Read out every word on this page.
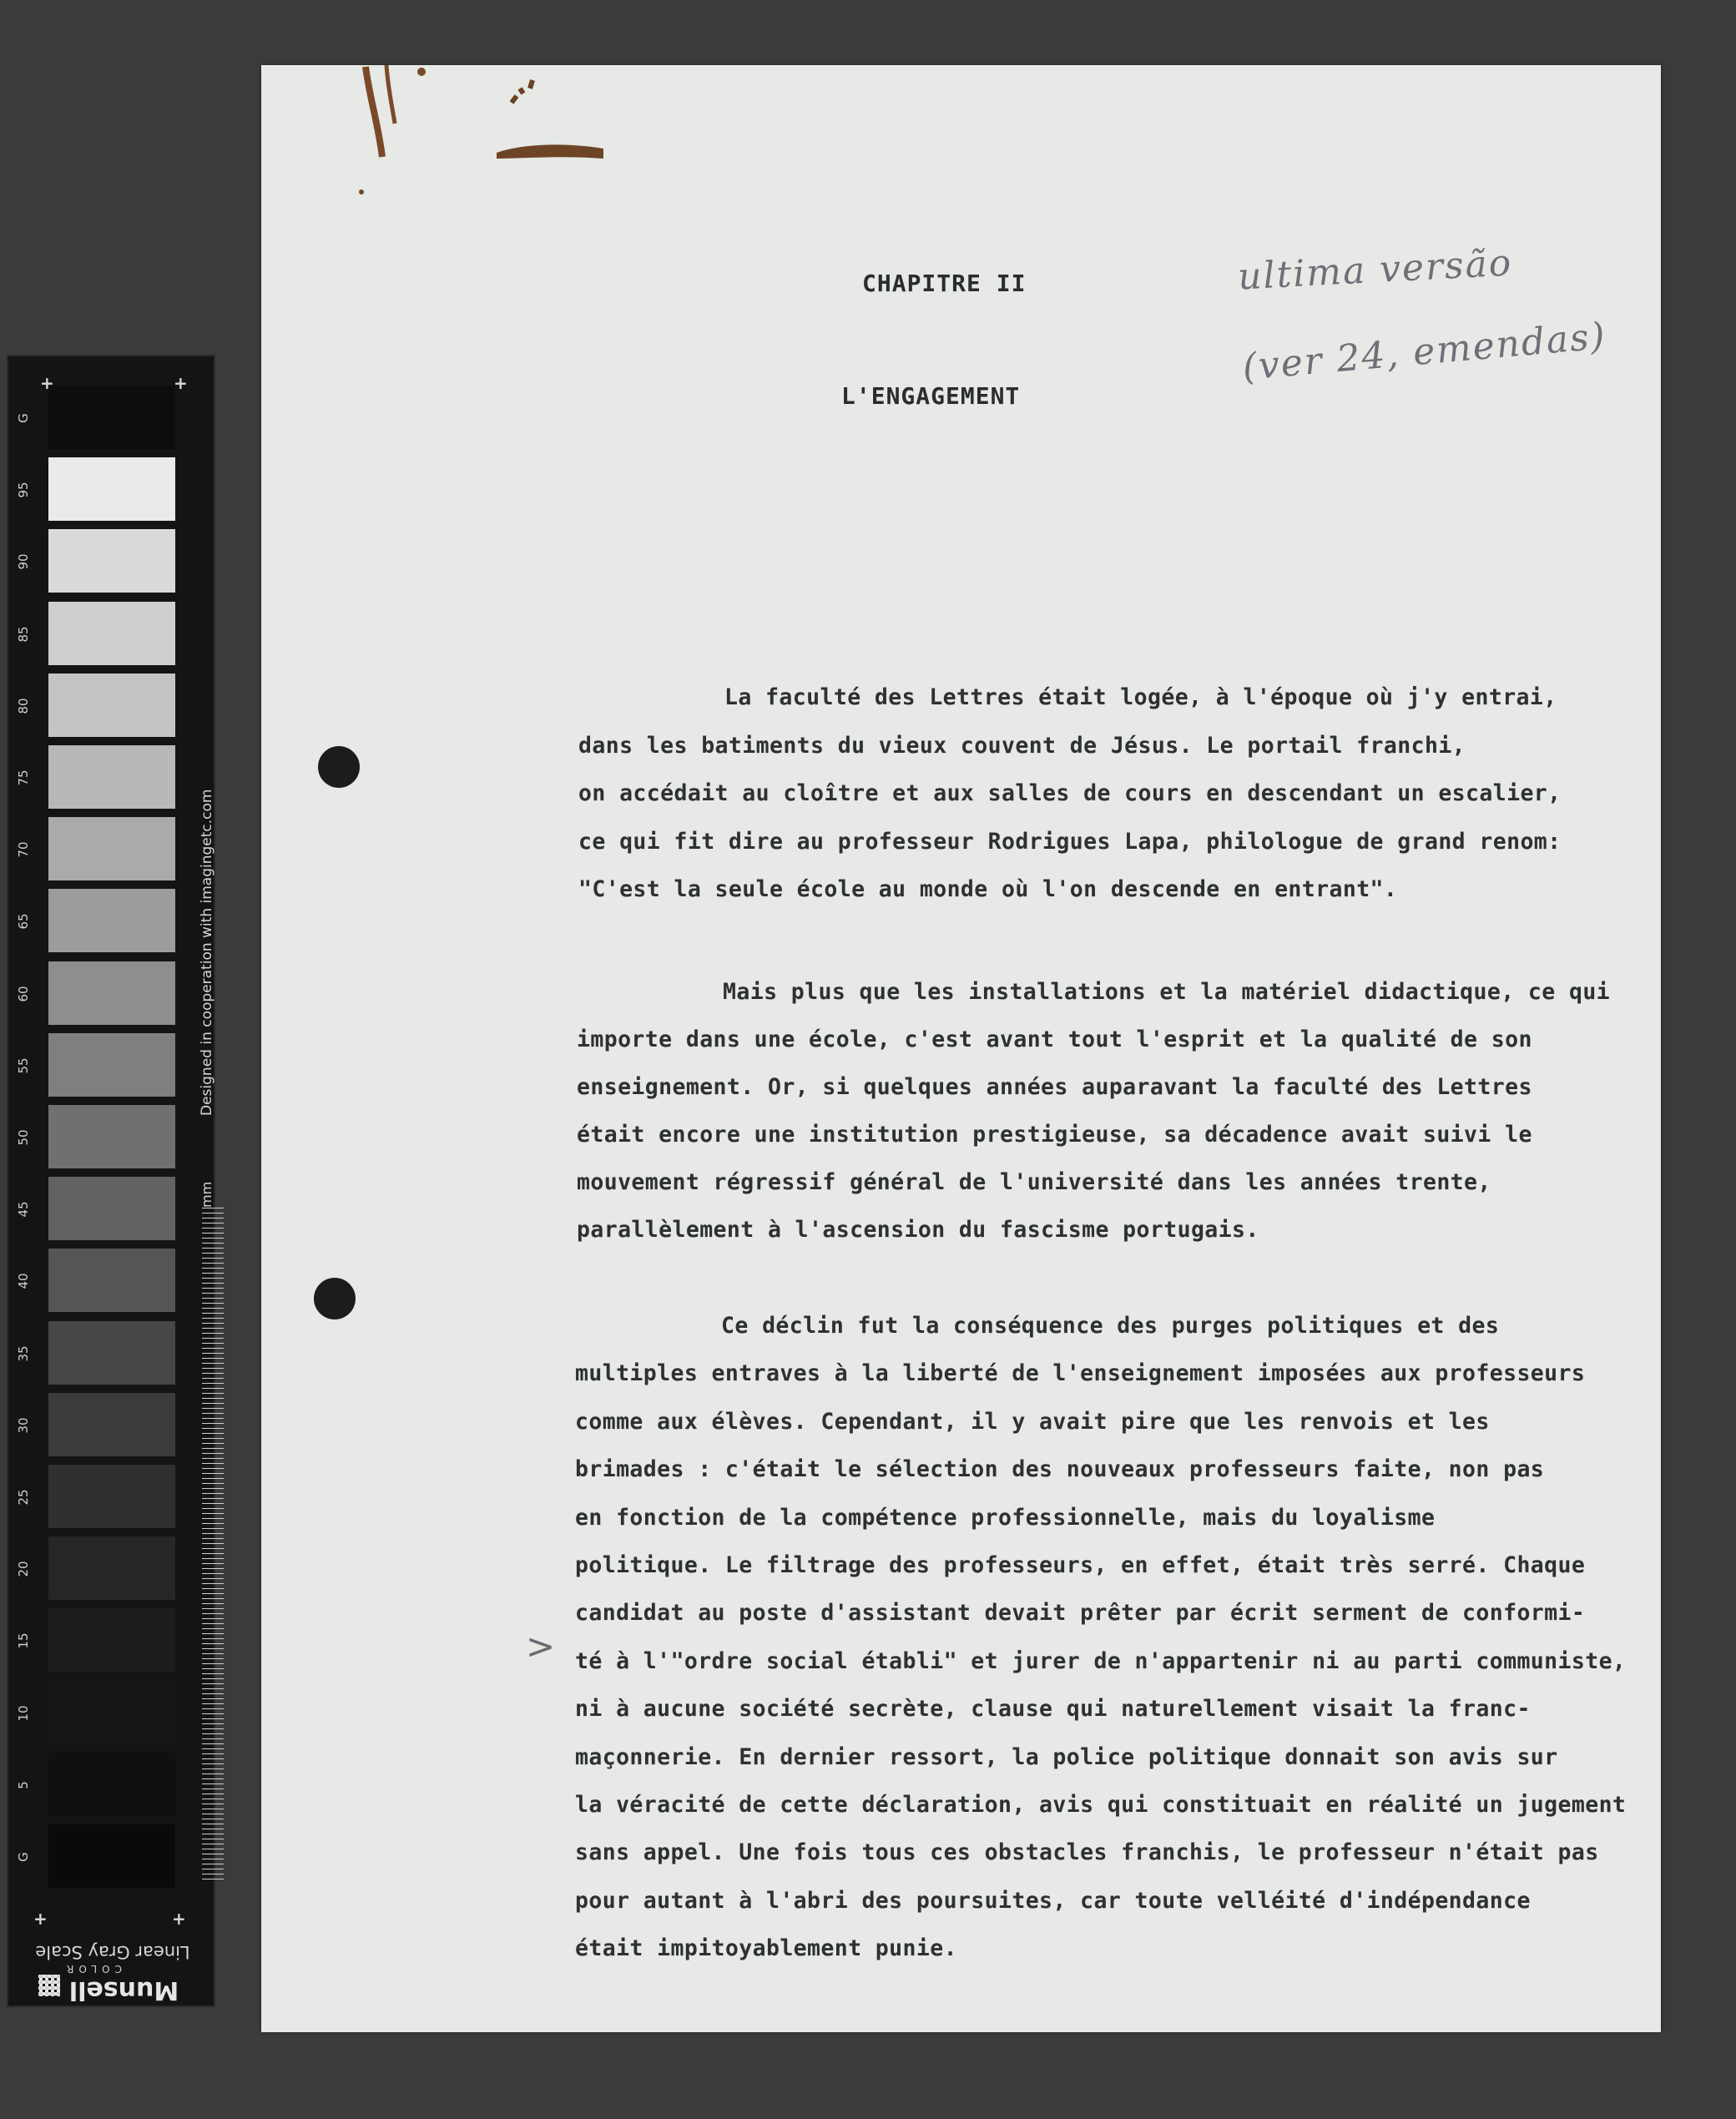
G
95
90
85
80
75
70
65
60
55
50
45
40
35
30
25
20
15
10
5
G
Designed in cooperation with imagingetc.com
mm
+	+
+	+
Linear Gray Scale
Munsell
COLOR
CHAPITRE II
L'ENGAGEMENT
ultima versão
(ver 24, emendas)
>
La faculté des Lettres était logée, à l'époque où j'y entrai,
dans les batiments du vieux couvent de Jésus. Le portail franchi,
on accédait au cloître et aux salles de cours en descendant un escalier,
ce qui fit dire au professeur Rodrigues Lapa, philologue de grand renom:
"C'est la seule école au monde où l'on descende en entrant".
Mais plus que les installations et la matériel didactique, ce qui
importe dans une école, c'est avant tout l'esprit et la qualité de son
enseignement. Or, si quelques années auparavant la faculté des Lettres
était encore une institution prestigieuse, sa décadence avait suivi le
mouvement régressif général de l'université dans les années trente,
parallèlement à l'ascension du fascisme portugais.
Ce déclin fut la conséquence des purges politiques et des
multiples entraves à la liberté de l'enseignement imposées aux professeurs
comme aux élèves. Cependant, il y avait pire que les renvois et les
brimades : c'était le sélection des nouveaux professeurs faite, non pas
en fonction de la compétence professionnelle, mais du loyalisme
politique. Le filtrage des professeurs, en effet, était très serré. Chaque
candidat au poste d'assistant devait prêter par écrit serment de conformi-
té à l'"ordre social établi" et jurer de n'appartenir ni au parti communiste,
ni à aucune société secrète, clause qui naturellement visait la franc-
maçonnerie. En dernier ressort, la police politique donnait son avis sur
la véracité de cette déclaration, avis qui constituait en réalité un jugement
sans appel. Une fois tous ces obstacles franchis, le professeur n'était pas
pour autant à l'abri des poursuites, car toute velléité d'indépendance
était impitoyablement punie.
